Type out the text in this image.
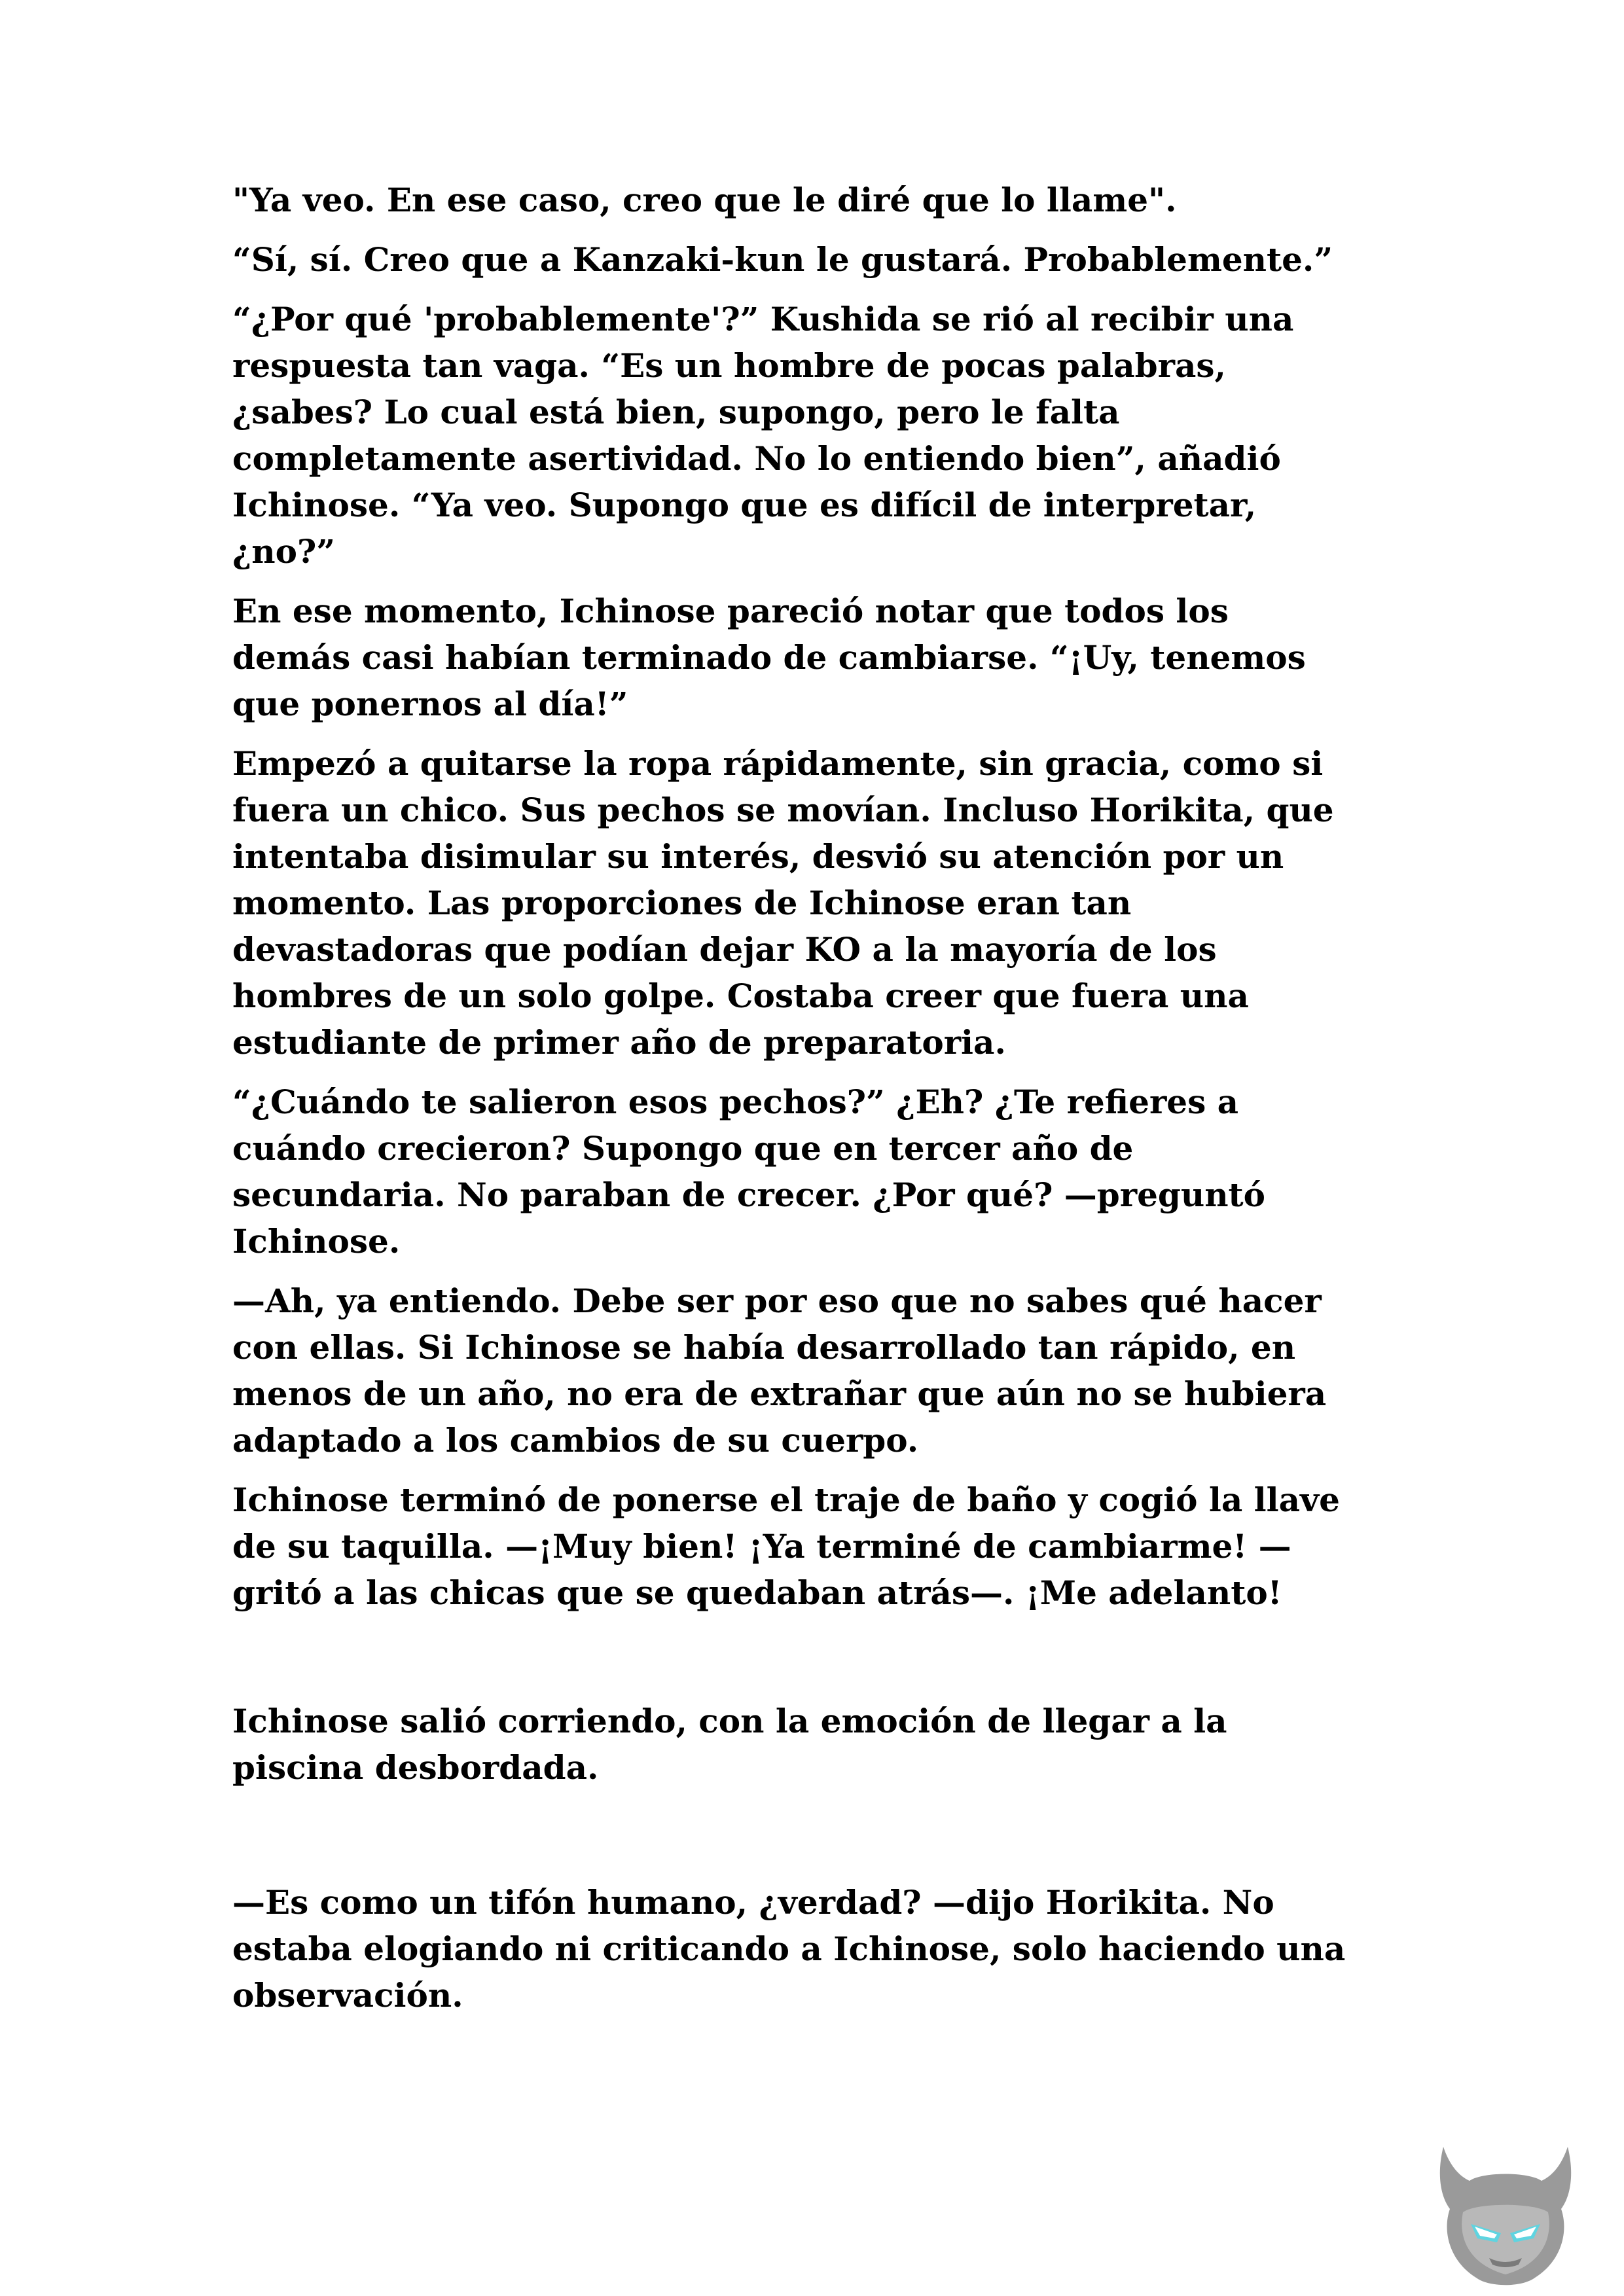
"Ya veo. En ese caso, creo que le diré que lo llame".

“Sí, sí. Creo que a Kanzaki-kun le gustará. Probablemente.”

“¿Por qué 'probablemente'?” Kushida se rió al recibir una
respuesta tan vaga. “Es un hombre de pocas palabras,
¿sabes? Lo cual está bien, supongo, pero le falta
completamente asertividad. No lo entiendo bien”, añadió
Ichinose. “Ya veo. Supongo que es difícil de interpretar,
¿no?”

En ese momento, Ichinose pareció notar que todos los
demás casi habían terminado de cambiarse. “¡Uy, tenemos
que ponernos al día!”

Empezó a quitarse la ropa rápidamente, sin gracia, como si
fuera un chico. Sus pechos se movían. Incluso Horikita, que
intentaba disimular su interés, desvió su atención por un
momento. Las proporciones de Ichinose eran tan
devastadoras que podían dejar KO a la mayoría de los
hombres de un solo golpe. Costaba creer que fuera una
estudiante de primer año de preparatoria.

“¿Cuándo te salieron esos pechos?” ¿Eh? ¿Te refieres a
cuándo crecieron? Supongo que en tercer año de
secundaria. No paraban de crecer. ¿Por qué? —preguntó
Ichinose.

—Ah, ya entiendo. Debe ser por eso que no sabes qué hacer
con ellas. Si Ichinose se había desarrollado tan rápido, en
menos de un año, no era de extrañar que aún no se hubiera
adaptado a los cambios de su cuerpo.

Ichinose terminó de ponerse el traje de baño y cogió la llave
de su taquilla. —¡Muy bien! ¡Ya terminé de cambiarme! —
gritó a las chicas que se quedaban atrás—. ¡Me adelanto!

Ichinose salió corriendo, con la emoción de llegar a la
piscina desbordada.

—Es como un tifón humano, ¿verdad? —dijo Horikita. No
estaba elogiando ni criticando a Ichinose, solo haciendo una
observación.
